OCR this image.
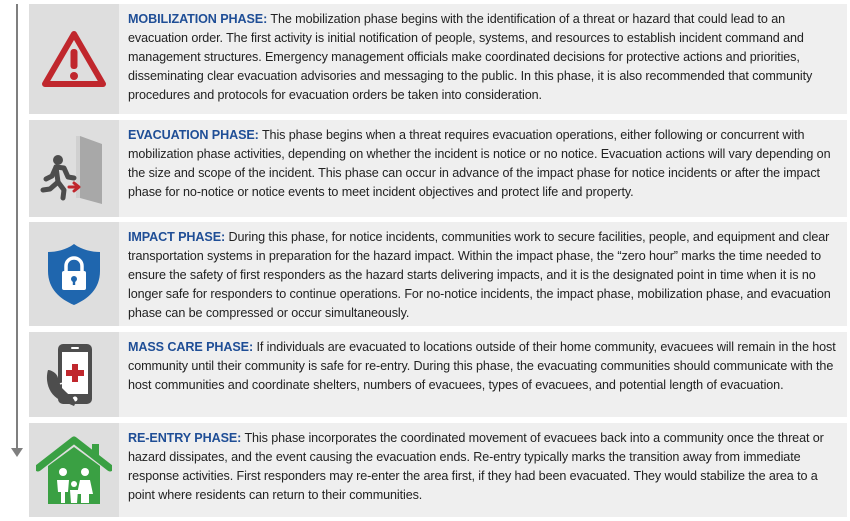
MOBILIZATION PHASE: The mobilization phase begins with the identification of a threat or hazard that could lead to an evacuation order. The first activity is initial notification of people, systems, and resources to establish incident command and management structures. Emergency management officials make coordinated decisions for protective actions and priorities, disseminating clear evacuation advisories and messaging to the public. In this phase, it is also recommended that community procedures and protocols for evacuation orders be taken into consideration.
EVACUATION PHASE: This phase begins when a threat requires evacuation operations, either following or concurrent with mobilization phase activities, depending on whether the incident is notice or no notice. Evacuation actions will vary depending on the size and scope of the incident. This phase can occur in advance of the impact phase for notice incidents or after the impact phase for no-notice or notice events to meet incident objectives and protect life and property.
IMPACT PHASE: During this phase, for notice incidents, communities work to secure facilities, people, and equipment and clear transportation systems in preparation for the hazard impact. Within the impact phase, the “zero hour” marks the time needed to ensure the safety of first responders as the hazard starts delivering impacts, and it is the designated point in time when it is no longer safe for responders to continue operations. For no-notice incidents, the impact phase, mobilization phase, and evacuation phase can be compressed or occur simultaneously.
MASS CARE PHASE: If individuals are evacuated to locations outside of their home community, evacuees will remain in the host community until their community is safe for re-entry. During this phase, the evacuating communities should communicate with the host communities and coordinate shelters, numbers of evacuees, types of evacuees, and potential length of evacuation.
RE-ENTRY PHASE: This phase incorporates the coordinated movement of evacuees back into a community once the threat or hazard dissipates, and the event causing the evacuation ends. Re-entry typically marks the transition away from immediate response activities. First responders may re-enter the area first, if they had been evacuated. They would stabilize the area to a point where residents can return to their communities.
